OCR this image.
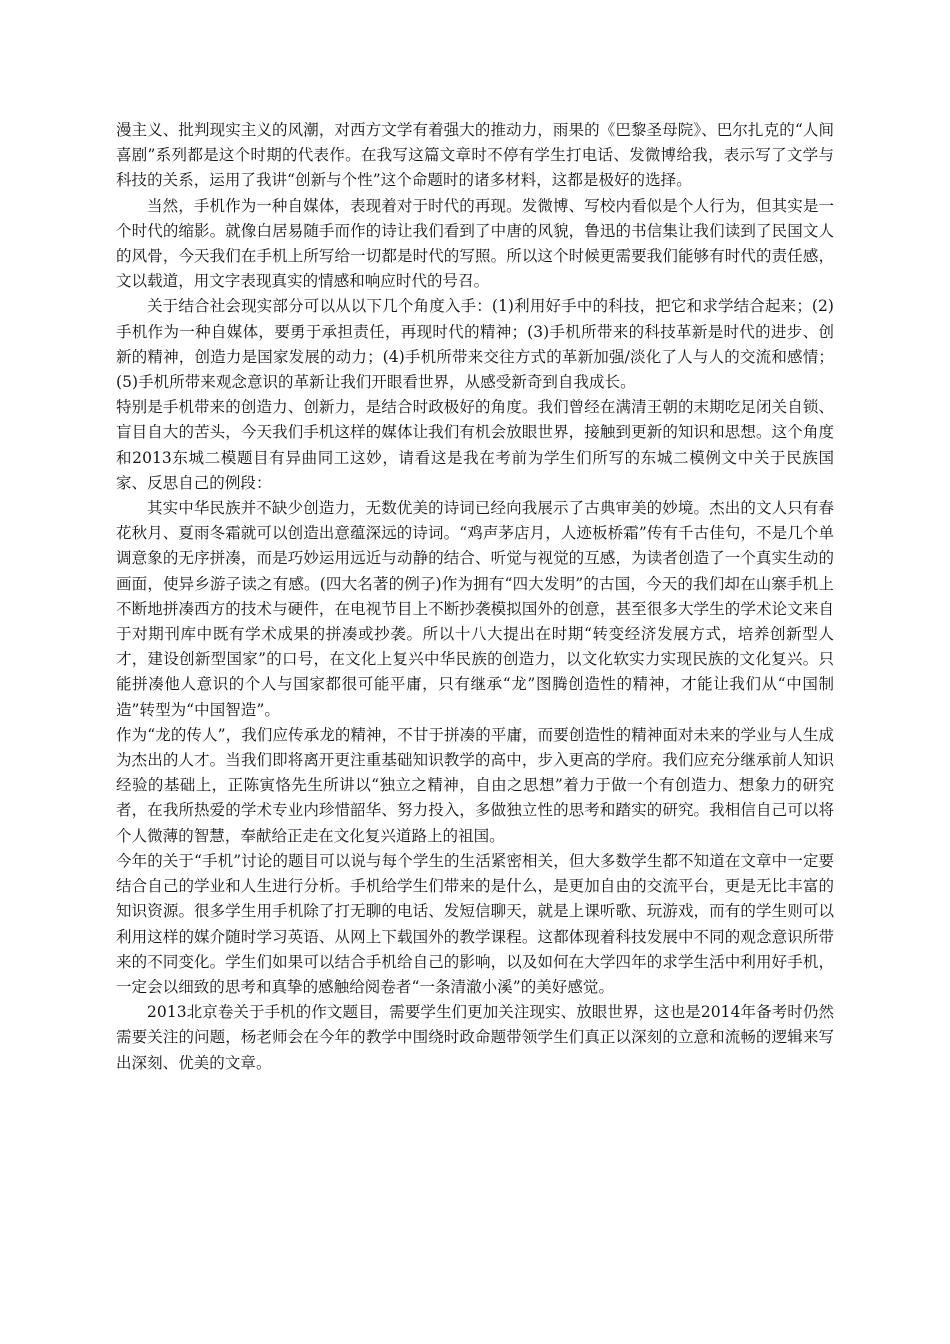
漫主义、批判现实主义的风潮，对西方文学有着强大的推动力，雨果的《巴黎圣母院》、巴尔扎克的“人间喜剧”系列都是这个时期的代表作。在我写这篇文章时不停有学生打电话、发微博给我，表示写了文学与科技的关系，运用了我讲“创新与个性”这个命题时的诸多材料，这都是极好的选择。

当然，手机作为一种自媒体，表现着对于时代的再现。发微博、写校内看似是个人行为，但其实是一个时代的缩影。就像白居易随手而作的诗让我们看到了中唐的风貌，鲁迅的书信集让我们读到了民国文人的风骨，今天我们在手机上所写给一切都是时代的写照。所以这个时候更需要我们能够有时代的责任感，文以载道，用文字表现真实的情感和响应时代的号召。

关于结合社会现实部分可以从以下几个角度入手：(1)利用好手中的科技，把它和求学结合起来；(2)手机作为一种自媒体，要勇于承担责任，再现时代的精神；(3)手机所带来的科技革新是时代的进步、创新的精神，创造力是国家发展的动力；(4)手机所带来交往方式的革新加强/淡化了人与人的交流和感情；(5)手机所带来观念意识的革新让我们开眼看世界，从感受新奇到自我成长。

特别是手机带来的创造力、创新力，是结合时政极好的角度。我们曾经在满清王朝的末期吃足闭关自锁、盲目自大的苦头，今天我们手机这样的媒体让我们有机会放眼世界，接触到更新的知识和思想。这个角度和2013东城二模题目有异曲同工这妙，请看这是我在考前为学生们所写的东城二模例文中关于民族国家、反思自己的例段：

其实中华民族并不缺少创造力，无数优美的诗词已经向我展示了古典审美的妙境。杰出的文人只有春花秋月、夏雨冬霜就可以创造出意蕴深远的诗词。“鸡声茅店月，人迹板桥霜”传有千古佳句，不是几个单调意象的无序拼凑，而是巧妙运用远近与动静的结合、听觉与视觉的互感，为读者创造了一个真实生动的画面，使异乡游子读之有感。(四大名著的例子)作为拥有“四大发明”的古国，今天的我们却在山寨手机上不断地拼凑西方的技术与硬件，在电视节目上不断抄袭模拟国外的创意，甚至很多大学生的学术论文来自于对期刊库中既有学术成果的拼凑或抄袭。所以十八大提出在时期“转变经济发展方式，培养创新型人才，建设创新型国家”的口号，在文化上复兴中华民族的创造力，以文化软实力实现民族的文化复兴。只能拼凑他人意识的个人与国家都很可能平庸，只有继承“龙”图腾创造性的精神，才能让我们从“中国制造”转型为“中国智造”。

作为“龙的传人”，我们应传承龙的精神，不甘于拼凑的平庸，而要创造性的精神面对未来的学业与人生成为杰出的人才。当我们即将离开更注重基础知识教学的高中，步入更高的学府。我们应充分继承前人知识经验的基础上，正陈寅恪先生所讲以“独立之精神，自由之思想”着力于做一个有创造力、想象力的研究者，在我所热爱的学术专业内珍惜韶华、努力投入，多做独立性的思考和踏实的研究。我相信自己可以将个人微薄的智慧，奉献给正走在文化复兴道路上的祖国。

今年的关于“手机”讨论的题目可以说与每个学生的生活紧密相关，但大多数学生都不知道在文章中一定要结合自己的学业和人生进行分析。手机给学生们带来的是什么，是更加自由的交流平台，更是无比丰富的知识资源。很多学生用手机除了打无聊的电话、发短信聊天，就是上课听歌、玩游戏，而有的学生则可以利用这样的媒介随时学习英语、从网上下载国外的教学课程。这都体现着科技发展中不同的观念意识所带来的不同变化。学生们如果可以结合手机给自己的影响，以及如何在大学四年的求学生活中利用好手机，一定会以细致的思考和真挚的感触给阅卷者“一条清澈小溪”的美好感觉。

2013北京卷关于手机的作文题目，需要学生们更加关注现实、放眼世界，这也是2014年备考时仍然需要关注的问题，杨老师会在今年的教学中围绕时政命题带领学生们真正以深刻的立意和流畅的逻辑来写出深刻、优美的文章。
